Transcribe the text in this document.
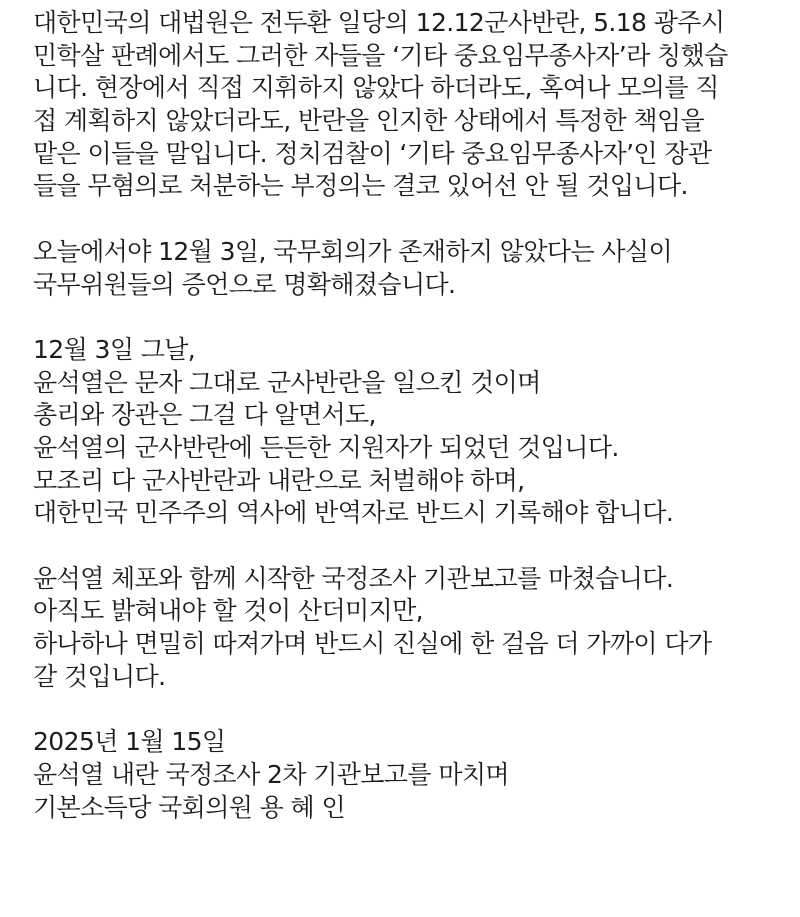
대한민국의 대법원은 전두환 일당의 12.12군사반란, 5.18 광주시
민학살 판례에서도 그러한 자들을 ‘기타 중요임무종사자’라 칭했습
니다. 현장에서 직접 지휘하지 않았다 하더라도, 혹여나 모의를 직
접 계획하지 않았더라도, 반란을 인지한 상태에서 특정한 책임을
맡은 이들을 말입니다. 정치검찰이 ‘기타 중요임무종사자’인 장관
들을 무혐의로 처분하는 부정의는 결코 있어선 안 될 것입니다.
오늘에서야 12월 3일, 국무회의가 존재하지 않았다는 사실이
국무위원들의 증언으로 명확해졌습니다.
12월 3일 그날,
윤석열은 문자 그대로 군사반란을 일으킨 것이며
총리와 장관은 그걸 다 알면서도,
윤석열의 군사반란에 든든한 지원자가 되었던 것입니다.
모조리 다 군사반란과 내란으로 처벌해야 하며,
대한민국 민주주의 역사에 반역자로 반드시 기록해야 합니다.
윤석열 체포와 함께 시작한 국정조사 기관보고를 마쳤습니다.
아직도 밝혀내야 할 것이 산더미지만,
하나하나 면밀히 따져가며 반드시 진실에 한 걸음 더 가까이 다가
갈 것입니다.
2025년 1월 15일
윤석열 내란 국정조사 2차 기관보고를 마치며
기본소득당 국회의원 용 혜 인
